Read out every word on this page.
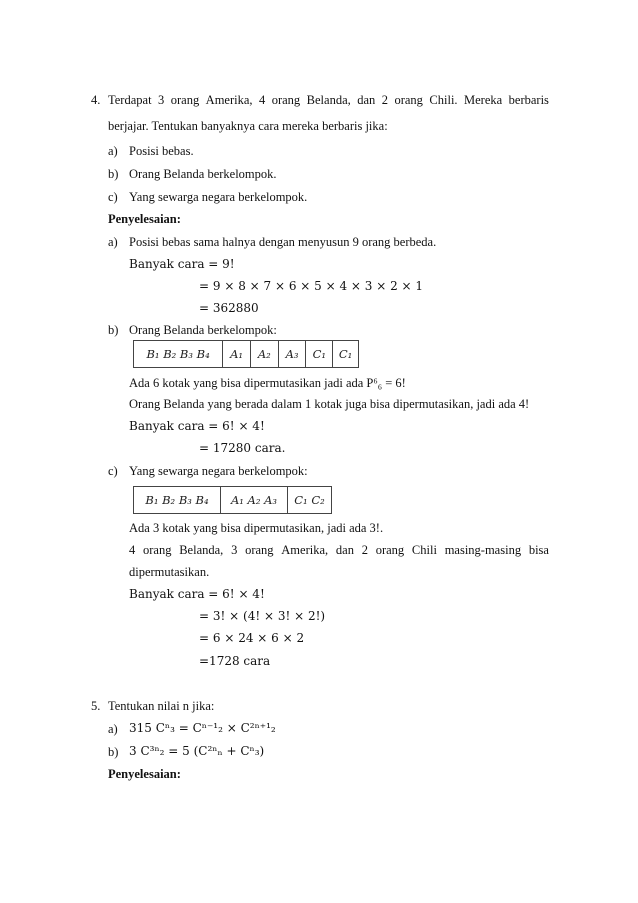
4. Terdapat 3 orang Amerika, 4 orang Belanda, dan 2 orang Chili. Mereka berbaris
berjajar. Tentukan banyaknya cara mereka berbaris jika:
a) Posisi bebas.
b) Orang Belanda berkelompok.
c) Yang sewarga negara berkelompok.
Penyelesaian:
a) Posisi bebas sama halnya dengan menyusun 9 orang berbeda.
Banyak cara = 9!
= 9 × 8 × 7 × 6 × 5 × 4 × 3 × 2 × 1
= 362880
b) Orang Belanda berkelompok:
B₁ B₂ B₃ B₄	A₁	A₂	A₃	C₁	C₁
Ada 6 kotak yang bisa dipermutasikan jadi ada P⁶₆ = 6!
Orang Belanda yang berada dalam 1 kotak juga bisa dipermutasikan, jadi ada 4!
Banyak cara = 6! × 4!
= 17280 cara.
c) Yang sewarga negara berkelompok:
B₁ B₂ B₃ B₄	A₁ A₂ A₃	C₁ C₂
Ada 3 kotak yang bisa dipermutasikan, jadi ada 3!.
4 orang Belanda, 3 orang Amerika, dan 2 orang Chili masing-masing bisa
dipermutasikan.
Banyak cara = 6! × 4!
= 3! × (4! × 3! × 2!)
= 6 × 24 × 6 × 2
=1728 cara
5. Tentukan nilai n jika:
a) 315 Cⁿ₃ = Cⁿ⁻¹₂ × C²ⁿ⁺¹₂
b) 3 C³ⁿ₂ = 5 (C²ⁿₙ + Cⁿ₃)
Penyelesaian:
